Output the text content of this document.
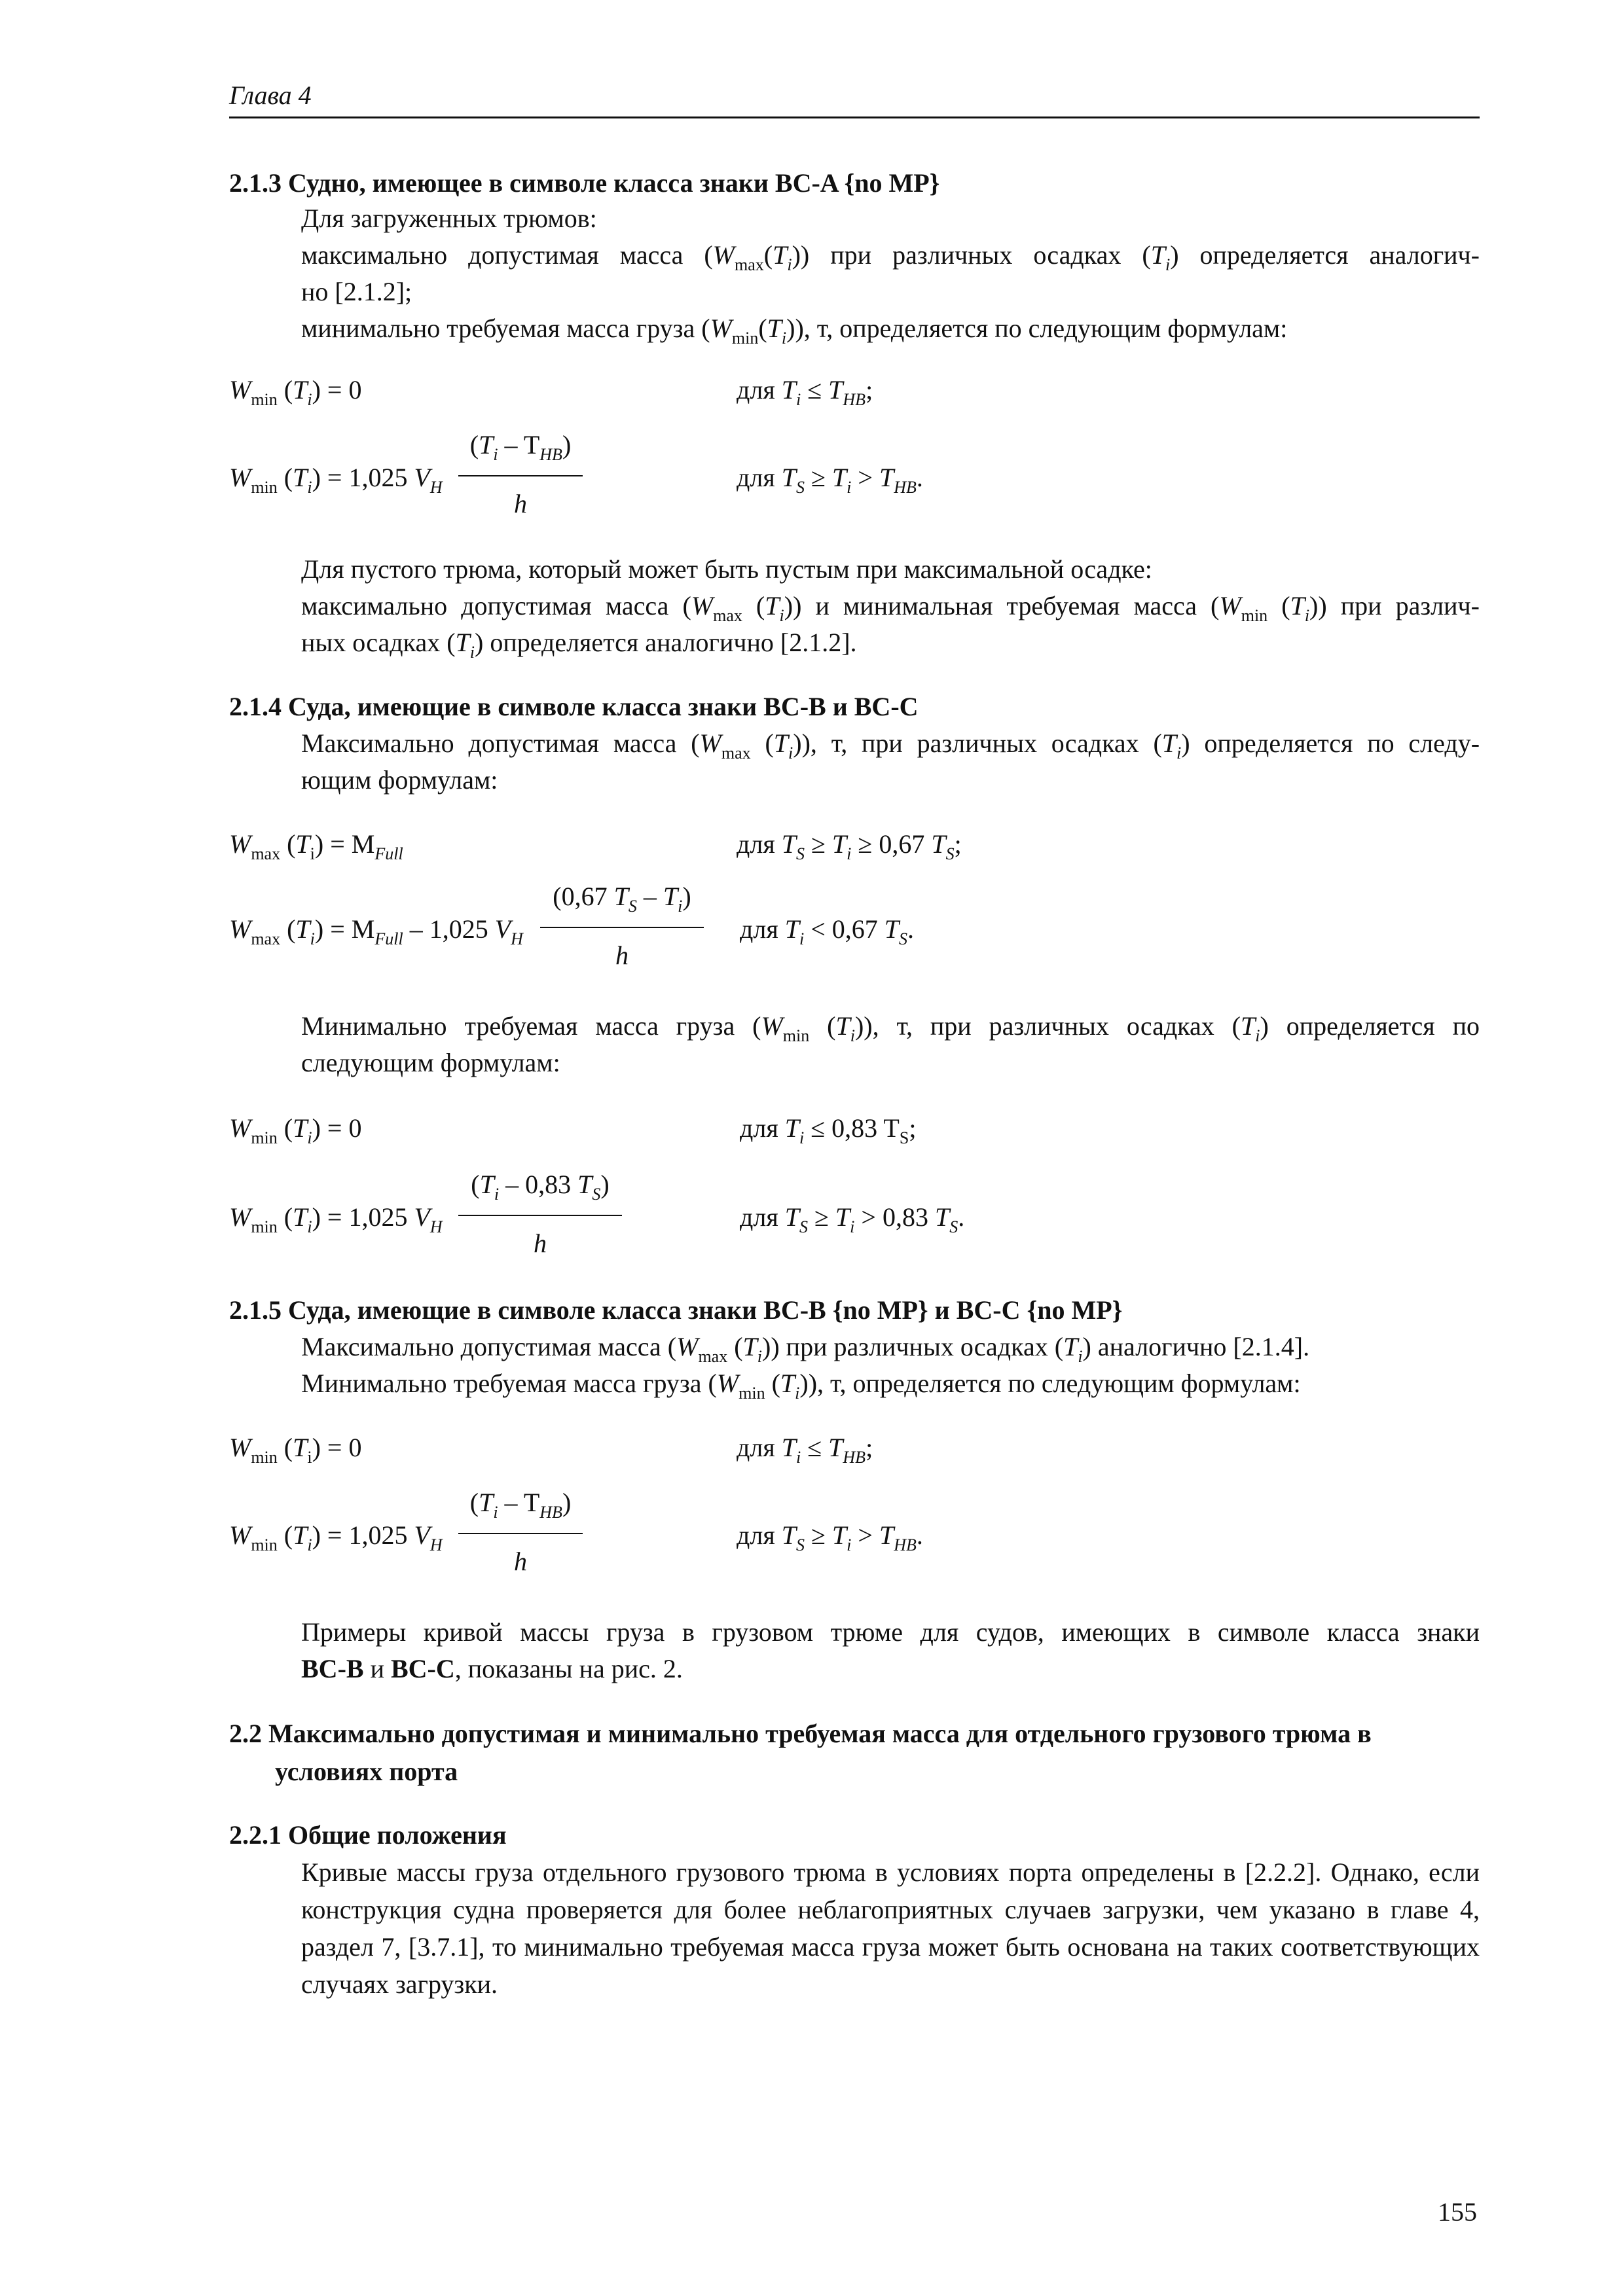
Глава 4
2.1.3 Судно, имеющее в символе класса знаки BC-A {no MP}
Для загруженных трюмов:
максимально допустимая масса $(W_{max}(T_i))$ при различных осадках $(T_i)$ определяется аналогич-
но [2.1.2];
минимально требуемая масса груза $(W_{min}(T_i))$, т, определяется по следующим формулам:
$W_{min}$ $(T_i) = 0$	для $T_i \le T_{HB}$;
$W_{min}$ $(T_i) = 1,025$ $V_H$
$(T_i - T_{HB})$
h
для $T_S \ge T_i > T_{HB}$.
Для пустого трюма, который может быть пустым при максимальной осадке:
максимально допустимая масса ($W_{max}$ $(T_i)$) и минимальная требуемая масса ($W_{min}$ $(T_i)$) при различ-
ных осадках $(T_i)$ определяется аналогично [2.1.2].
2.1.4 Суда, имеющие в символе класса знаки BC-B и BC-C
Максимально допустимая масса ($W_{max}$ $(T_i)$), т, при различных осадках $(T_i)$ определяется по следу-
ющим формулам:
$W_{max}$ $(T_i) = M_{Full}$	для $T_S \ge T_i \ge 0,67$ $T_S$;
$W_{max}$ $(T_i) = M_{Full} - 1,025$ $V_H$
(0,67 $T_S - T_i$)
h
для $T_i < 0,67$ $T_S$.
Минимально требуемая масса груза ($W_{min}$ $(T_i)$), т, при различных осадках $(T_i)$ определяется по
следующим формулам:
$W_{min}$ $(T_i) = 0$	для $T_i \le 0,83$ $T_S$;
$W_{min}$ $(T_i) = 1,025$ $V_H$
($T_i - 0,83$ $T_S$)
h
для $T_S \ge T_i > 0,83$ $T_S$.
2.1.5 Суда, имеющие в символе класса знаки BC-B {no MP} и BC-C {no MP}
Максимально допустимая масса ($W_{max}$ $(T_i)$) при различных осадках $(T_i)$ аналогично [2.1.4].
Минимально требуемая масса груза ($W_{min}$ $(T_i)$), т, определяется по следующим формулам:
$W_{min}$ $(T_i) = 0$	для $T_i \le T_{HB}$;
$W_{min}$ $(T_i) = 1,025$ $V_H$
$(T_i - T_{HB})$
h
для $T_S \ge T_i > T_{HB}$.
Примеры кривой массы груза в грузовом трюме для судов, имеющих в символе класса знаки
BC-B и BC-C, показаны на рис. 2.
2.2 Максимально допустимая и минимально требуемая масса для отдельного грузового трюма в
условиях порта
2.2.1 Общие положения
Кривые массы груза отдельного грузового трюма в условиях порта определены в [2.2.2]. Однако, если конструкция судна проверяется для более неблагоприятных случаев загрузки, чем указано в главе 4, раздел 7, [3.7.1], то минимально требуемая масса груза может быть основана на таких соответствующих случаях загрузки.
155
